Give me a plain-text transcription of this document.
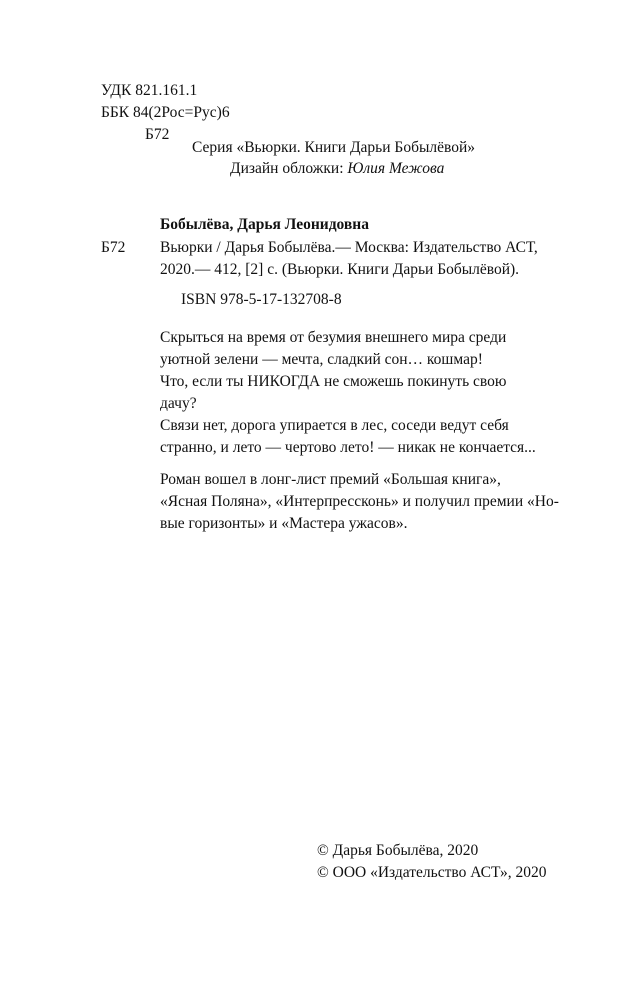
УДК 821.161.1
ББК 84(2Рос=Рус)6
Б72
Серия «Вьюрки. Книги Дарьи Бобылёвой»
Дизайн обложки: Юлия Межова
Бобылёва, Дарья Леонидовна
Б72 Вьюрки / Дарья Бобылёва.— Москва: Издательство АСТ,
2020.— 412, [2] с. (Вьюрки. Книги Дарьи Бобылёвой).
ISBN 978-5-17-132708-8
Скрыться на время от безумия внешнего мира среди
уютной зелени — мечта, сладкий сон… кошмар!
Что, если ты НИКОГДА не сможешь покинуть свою
дачу?
Связи нет, дорога упирается в лес, соседи ведут себя
странно, и лето — чертово лето! — никак не кончается...
Роман вошел в лонг-лист премий «Большая книга»,
«Ясная Поляна», «Интерпрессконь» и получил премии «Но-
вые горизонты» и «Мастера ужасов».
© Дарья Бобылёва, 2020
© ООО «Издательство АСТ», 2020
